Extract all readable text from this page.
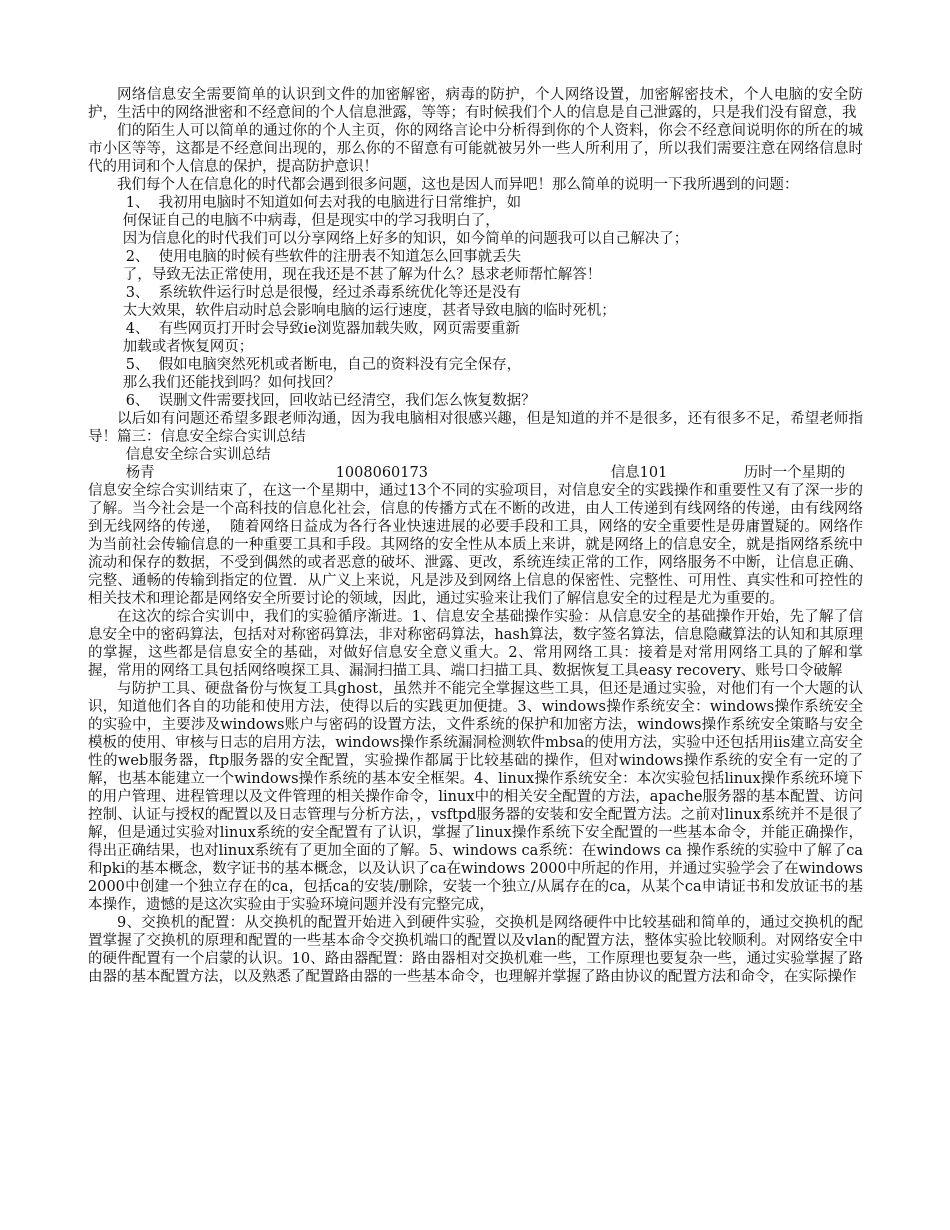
网络信息安全需要简单的认识到文件的加密解密，病毒的防护，个人网络设置，加密解密技术，个人电脑的安全防护，生活中的网络泄密和不经意间的个人信息泄露，等等；有时候我们个人的信息是自己泄露的，只是我们没有留意，我

们的陌生人可以简单的通过你的个人主页，你的网络言论中分析得到你的个人资料，你会不经意间说明你的所在的城市小区等等，这都是不经意间出现的，那么你的不留意有可能就被另外一些人所利用了，所以我们需要注意在网络信息时代的用词和个人信息的保护，提高防护意识！

我们每个人在信息化的时代都会遇到很多问题，这也是因人而异吧！那么简单的说明一下我所遇到的问题：

1、  我初用电脑时不知道如何去对我的电脑进行日常维护，如

何保证自己的电脑不中病毒，但是现实中的学习我明白了，

因为信息化的时代我们可以分享网络上好多的知识，如今简单的问题我可以自己解决了；

2、  使用电脑的时候有些软件的注册表不知道怎么回事就丢失

了，导致无法正常使用，现在我还是不甚了解为什么？恳求老师帮忙解答！

3、  系统软件运行时总是很慢，经过杀毒系统优化等还是没有

太大效果，软件启动时总会影响电脑的运行速度，甚者导致电脑的临时死机；

4、  有些网页打开时会导致ie浏览器加载失败，网页需要重新

加载或者恢复网页；

5、  假如电脑突然死机或者断电，自己的资料没有完全保存，

那么我们还能找到吗？如何找回？

6、  误删文件需要找回，回收站已经清空，我们怎么恢复数据？

以后如有问题还希望多跟老师沟通，因为我电脑相对很感兴趣，但是知道的并不是很多，还有很多不足，希望老师指导！篇三：信息安全综合实训总结

信息安全综合实训总结

杨青	1008060173	信息101	历时一个星期的

信息安全综合实训结束了，在这一个星期中，通过13个不同的实验项目，对信息安全的实践操作和重要性又有了深一步的了解。当今社会是一个高科技的信息化社会，信息的传播方式在不断的改进，由人工传递到有线网络的传递，由有线网络到无线网络的传递，  随着网络日益成为各行各业快速进展的必要手段和工具，网络的安全重要性是毋庸置疑的。网络作为当前社会传输信息的一种重要工具和手段。其网络的安全性从本质上来讲，就是网络上的信息安全，就是指网络系统中流动和保存的数据，不受到偶然的或者恶意的破坏、泄露、更改，系统连续正常的工作，网络服务不中断，让信息正确、完整、通畅的传输到指定的位置．从广义上来说，凡是涉及到网络上信息的保密性、完整性、可用性、真实性和可控性的相关技术和理论都是网络安全所要讨论的领域，因此，通过实验来让我们了解信息安全的过程是尤为重要的。

在这次的综合实训中，我们的实验循序渐进。1、信息安全基础操作实验：从信息安全的基础操作开始，先了解了信息安全中的密码算法，包括对对称密码算法，非对称密码算法，hash算法，数字签名算法，信息隐藏算法的认知和其原理的掌握，这些都是信息安全的基础，对做好信息安全意义重大。2、常用网络工具：接着是对常用网络工具的了解和掌握，常用的网络工具包括网络嗅探工具、漏洞扫描工具、端口扫描工具、数据恢复工具easy recovery、账号口令破解

与防护工具、硬盘备份与恢复工具ghost，虽然并不能完全掌握这些工具，但还是通过实验，对他们有一个大题的认识，知道他们各自的功能和使用方法，使得以后的实践更加便捷。3、windows操作系统安全：windows操作系统安全的实验中，主要涉及windows账户与密码的设置方法，文件系统的保护和加密方法，windows操作系统安全策略与安全模板的使用、审核与日志的启用方法，windows操作系统漏洞检测软件mbsa的使用方法，实验中还包括用iis建立高安全性的web服务器，ftp服务器的安全配置，实验操作都属于比较基础的操作，但对windows操作系统的安全有一定的了解，也基本能建立一个windows操作系统的基本安全框架。4、linux操作系统安全：本次实验包括linux操作系统环境下的用户管理、进程管理以及文件管理的相关操作命令，linux中的相关安全配置的方法，apache服务器的基本配置、访问控制、认证与授权的配置以及日志管理与分析方法，，vsftpd服务器的安装和安全配置方法。之前对linux系统并不是很了解，但是通过实验对linux系统的安全配置有了认识，掌握了linux操作系统下安全配置的一些基本命令，并能正确操作，得出正确结果，也对linux系统有了更加全面的了解。5、windows ca系统：在windows ca 操作系统的实验中了解了ca和pki的基本概念，数字证书的基本概念，以及认识了ca在windows 2000中所起的作用，并通过实验学会了在windows 2000中创建一个独立存在的ca，包括ca的安装/删除，安装一个独立/从属存在的ca，从某个ca申请证书和发放证书的基本操作，遗憾的是这次实验由于实验环境问题并没有完整完成，

9、交换机的配置：从交换机的配置开始进入到硬件实验，交换机是网络硬件中比较基础和简单的，通过交换机的配置掌握了交换机的原理和配置的一些基本命令交换机端口的配置以及vlan的配置方法，整体实验比较顺利。对网络安全中的硬件配置有一个启蒙的认识。10、路由器配置：路由器相对交换机难一些，工作原理也要复杂一些，通过实验掌握了路由器的基本配置方法，以及熟悉了配置路由器的一些基本命令，也理解并掌握了路由协议的配置方法和命令，在实际操作
